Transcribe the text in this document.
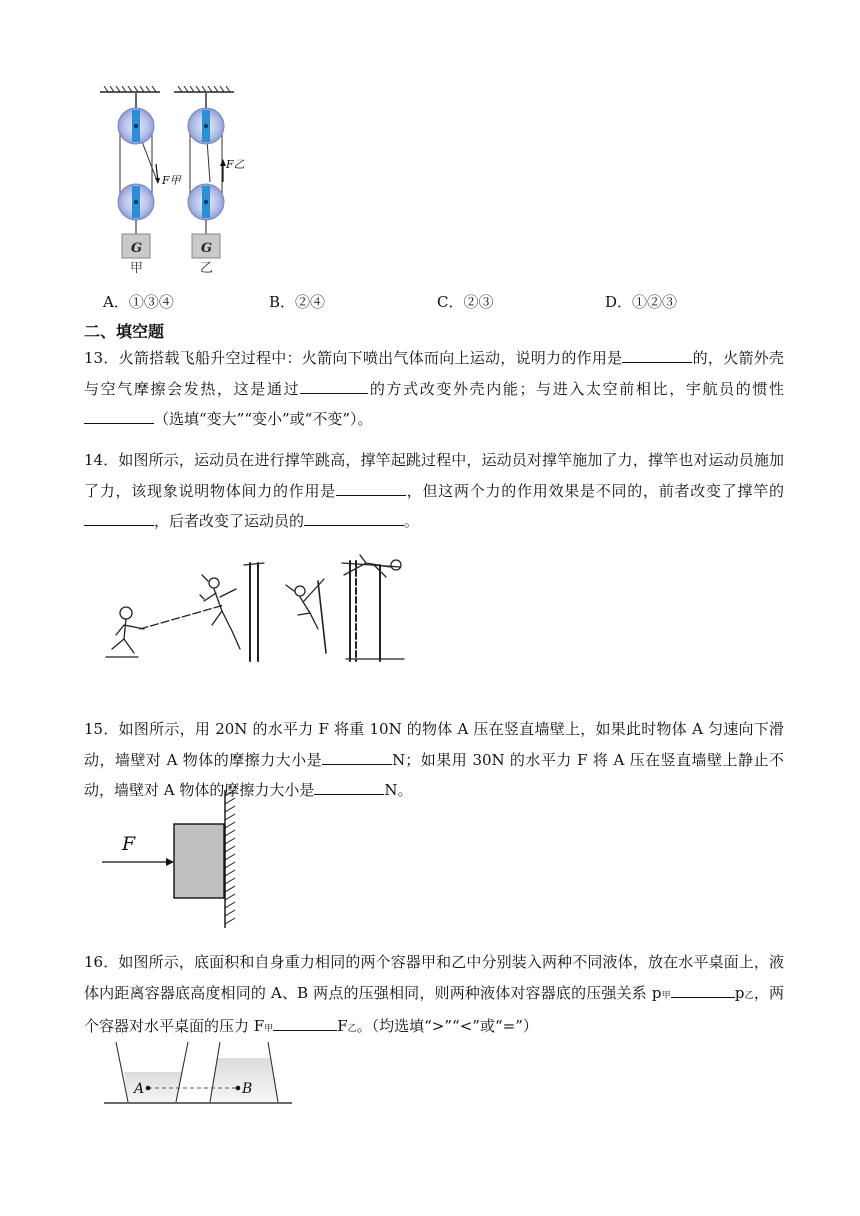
G
F甲
甲
G
F乙
乙
A．①③④	B．②④	C．②③	D．①②③
二、填空题
13．火箭搭载飞船升空过程中：火箭向下喷出气体而向上运动，说明力的作用是	的，火箭外壳与空气摩擦会发热，这是通过	的方式改变外壳内能；与进入太空前相比，宇航员的惯性（选填“变大”“变小”或“不变”）。
14．如图所示，运动员在进行撑竿跳高，撑竿起跳过程中，运动员对撑竿施加了力，撑竿也对运动员施加了力，该现象说明物体间力的作用是	，但这两个力的作用效果是不同的，前者改变了撑竿的，后者改变了运动员的	。
15．如图所示，用 20N 的水平力 F 将重 10N 的物体 A 压在竖直墙壁上，如果此时物体 A 匀速向下滑动，墙壁对 A 物体的摩擦力大小是	N；如果用 30N 的水平力 F 将 A 压在竖直墙壁上静止不动，墙壁对 A 物体的摩擦力大小是	N。
F
16．如图所示，底面积和自身重力相同的两个容器甲和乙中分别装入两种不同液体，放在水平桌面上，液体内距离容器底高度相同的 A、B 两点的压强相同，则两种液体对容器底的压强关系 p甲	p乙，两个容器对水平桌面的压力 F甲	F乙。（均选填“>”“<”或“=”）
A	B
